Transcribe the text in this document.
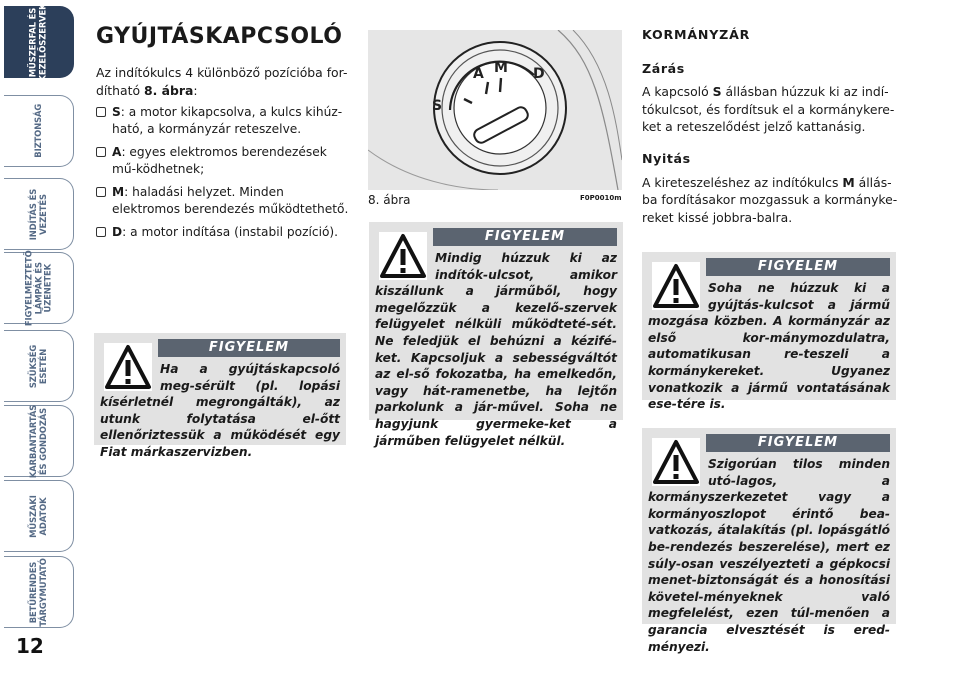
MŰSZERFAL ÉS
KEZELŐSZERVEK
BIZTONSÁG
INDÍTÁS ÉS
VEZETÉS
FIGYELMEZTETŐ
LÁMPÁK ÉS
ÜZENETEK
SZÜKSÉG
ESETÉN
KARBANTARTÁS
ÉS GONDOZÁS
MŰSZAKI
ADATOK
BETŰRENDES
TÁRGYMUTATÓ
12
GYÚJTÁSKAPCSOLÓ
Az indítókulcs 4 különböző pozícióba for-dítható 8. ábra:
S: a motor kikapcsolva, a kulcs kihúz-ható, a kormányzár reteszelve.
A: egyes elektromos berendezések mű-ködhetnek;
M: haladási helyzet. Minden elektromos berendezés működtethető.
D: a motor indítása (instabil pozíció).
FIGYELEM
Ha a gyújtáskapcsoló meg-sérült (pl. lopási kísérletnél megrongálták), az utunk folytatása el-őtt ellenőriztessük a működését egy Fiat márkaszervizben.
S
A M D
8. ábra	F0P0010m
FIGYELEM
Mindig húzzuk ki az indítók-ulcsot, amikor kiszállunk a járműből, hogy megelőzzük a kezelő-szervek felügyelet nélküli működteté-sét. Ne feledjük el behúzni a kézifé-ket. Kapcsoljuk a sebességváltót az el-ső fokozatba, ha emelkedőn, vagy hát-ramenetbe, ha lejtőn parkolunk a jár-művel. Soha ne hagyjunk gyermeke-ket a járműben felügyelet nélkül.
KORMÁNYZÁR
Zárás
A kapcsoló S állásban húzzuk ki az indí-tókulcsot, és fordítsuk el a kormánykere-ket a reteszelődést jelző kattanásig.
Nyitás
A kireteszeléshez az indítókulcs M állás-ba fordításakor mozgassuk a kormányke-reket kissé jobbra-balra.
FIGYELEM
Soha ne húzzuk ki a gyújtás-kulcsot a jármű mozgása közben. A kormányzár az első kor-mánymozdulatra, automatikusan re-teszeli a kormánykereket. Ugyanez vonatkozik a jármű vontatásának ese-tére is.
FIGYELEM
Szigorúan tilos minden utó-lagos, a kormányszerkezetet vagy a kormányoszlopot érintő bea-vatkozás, átalakítás (pl. lopásgátló be-rendezés beszerelése), mert ez súly-osan veszélyezteti a gépkocsi menet-biztonságát és a honosítási követel-ményeknek való megfelelést, ezen túl-menően a garancia elvesztését is ered-ményezi.
